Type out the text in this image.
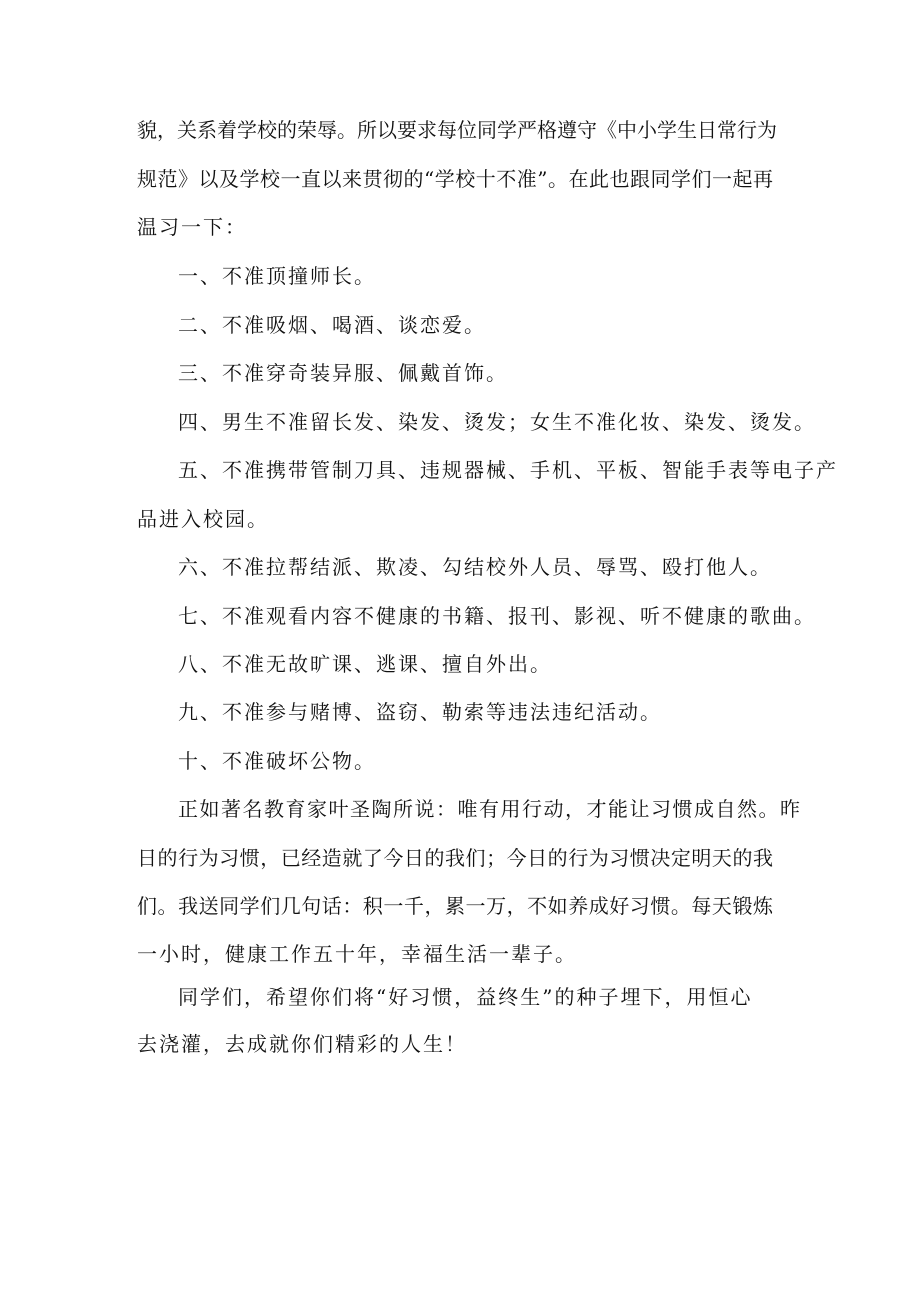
貌，关系着学校的荣辱。所以要求每位同学严格遵守《中小学生日常行为
规范》以及学校一直以来贯彻的“学校十不准”。在此也跟同学们一起再
温习一下：
一、不准顶撞师长。
二、不准吸烟、喝酒、谈恋爱。
三、不准穿奇装异服、佩戴首饰。
四、男生不准留长发、染发、烫发；女生不准化妆、染发、烫发。
五、不准携带管制刀具、违规器械、手机、平板、智能手表等电子产
品进入校园。
六、不准拉帮结派、欺凌、勾结校外人员、辱骂、殴打他人。
七、不准观看内容不健康的书籍、报刊、影视、听不健康的歌曲。
八、不准无故旷课、逃课、擅自外出。
九、不准参与赌博、盗窃、勒索等违法违纪活动。
十、不准破坏公物。
正如著名教育家叶圣陶所说：唯有用行动，才能让习惯成自然。昨
日的行为习惯，已经造就了今日的我们；今日的行为习惯决定明天的我
们。我送同学们几句话：积一千，累一万，不如养成好习惯。每天锻炼
一小时，健康工作五十年，幸福生活一辈子。
同学们，希望你们将“好习惯，益终生”的种子埋下，用恒心
去浇灌，去成就你们精彩的人生！
